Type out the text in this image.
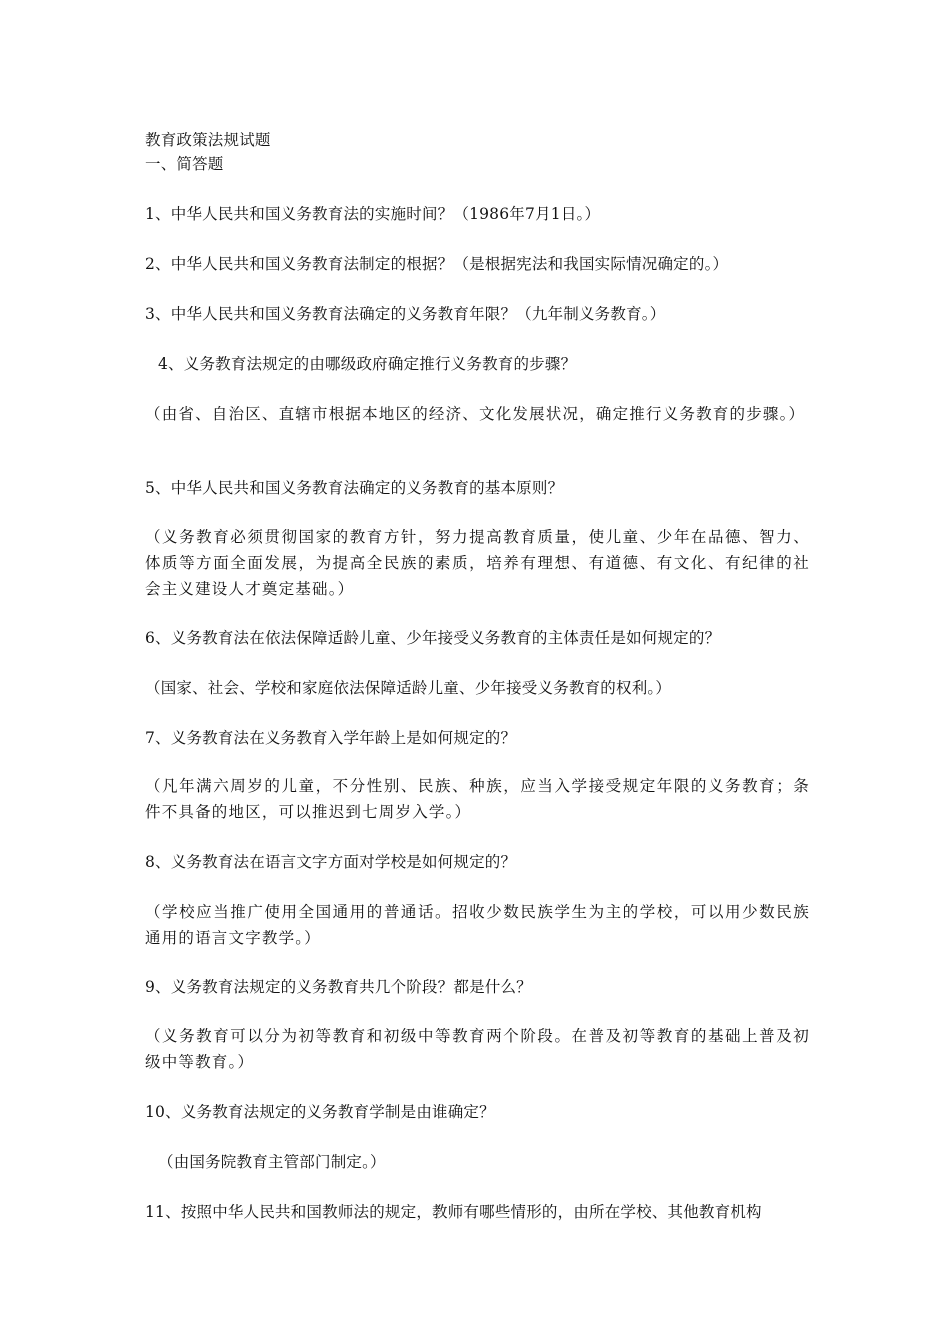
教育政策法规试题
一、简答题
1、中华人民共和国义务教育法的实施时间？（1986年7月1日。）
2、中华人民共和国义务教育法制定的根据？（是根据宪法和我国实际情况确定的。）
3、中华人民共和国义务教育法确定的义务教育年限？（九年制义务教育。）
4、义务教育法规定的由哪级政府确定推行义务教育的步骤？
（由省、自治区、直辖市根据本地区的经济、文化发展状况，确定推行义务教育的步骤。）
5、中华人民共和国义务教育法确定的义务教育的基本原则？
（义务教育必须贯彻国家的教育方针，努力提高教育质量，使儿童、少年在品德、智力、体质等方面全面发展，为提高全民族的素质，培养有理想、有道德、有文化、有纪律的社会主义建设人才奠定基础。）
6、义务教育法在依法保障适龄儿童、少年接受义务教育的主体责任是如何规定的？
（国家、社会、学校和家庭依法保障适龄儿童、少年接受义务教育的权利。）
7、义务教育法在义务教育入学年龄上是如何规定的？
（凡年满六周岁的儿童，不分性别、民族、种族，应当入学接受规定年限的义务教育；条件不具备的地区，可以推迟到七周岁入学。）
8、义务教育法在语言文字方面对学校是如何规定的？
（学校应当推广使用全国通用的普通话。招收少数民族学生为主的学校，可以用少数民族通用的语言文字教学。）
9、义务教育法规定的义务教育共几个阶段？都是什么？
（义务教育可以分为初等教育和初级中等教育两个阶段。在普及初等教育的基础上普及初级中等教育。）
10、义务教育法规定的义务教育学制是由谁确定？
（由国务院教育主管部门制定。）
11、按照中华人民共和国教师法的规定，教师有哪些情形的，由所在学校、其他教育机构
